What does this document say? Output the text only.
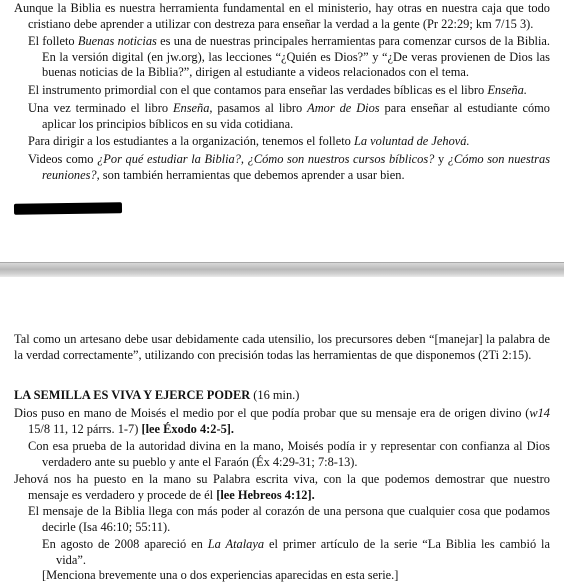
Aunque la Biblia es nuestra herramienta fundamental en el ministerio, hay otras en nuestra caja que todo cristiano debe aprender a utilizar con destreza para enseñar la verdad a la gente (Pr 22:29; km 7/15 3).

El folleto Buenas noticias es una de nuestras principales herramientas para comenzar cursos de la Biblia. En la versión digital (en jw.org), las lecciones “¿Quién es Dios?” y “¿De veras provienen de Dios las buenas noticias de la Biblia?”, dirigen al estudiante a videos relacionados con el tema.

El instrumento primordial con el que contamos para enseñar las verdades bíblicas es el libro Enseña.

Una vez terminado el libro Enseña, pasamos al libro Amor de Dios para enseñar al estudiante cómo aplicar los principios bíblicos en su vida cotidiana.

Para dirigir a los estudiantes a la organización, tenemos el folleto La voluntad de Jehová.

Videos como ¿Por qué estudiar la Biblia?, ¿Cómo son nuestros cursos bíblicos? y ¿Cómo son nuestras reuniones?, son también herramientas que debemos aprender a usar bien.

Tal como un artesano debe usar debidamente cada utensilio, los precursores deben “[manejar] la palabra de la verdad correctamente”, utilizando con precisión todas las herramientas de que disponemos (2Ti 2:15).

LA SEMILLA ES VIVA Y EJERCE PODER (16 min.)

Dios puso en mano de Moisés el medio por el que podía probar que su mensaje era de origen divino (w14 15/8 11, 12 párrs. 1-7) [lee Éxodo 4:2-5].

Con esa prueba de la autoridad divina en la mano, Moisés podía ir y representar con confianza al Dios verdadero ante su pueblo y ante el Faraón (Éx 4:29-31; 7:8-13).

Jehová nos ha puesto en la mano su Palabra escrita viva, con la que podemos demostrar que nuestro mensaje es verdadero y procede de él [lee Hebreos 4:12].

El mensaje de la Biblia llega con más poder al corazón de una persona que cualquier cosa que podamos decirle (Isa 46:10; 55:11).

En agosto de 2008 apareció en La Atalaya el primer artículo de la serie “La Biblia les cambió la vida”.

[Menciona brevemente una o dos experiencias aparecidas en esta serie.]
